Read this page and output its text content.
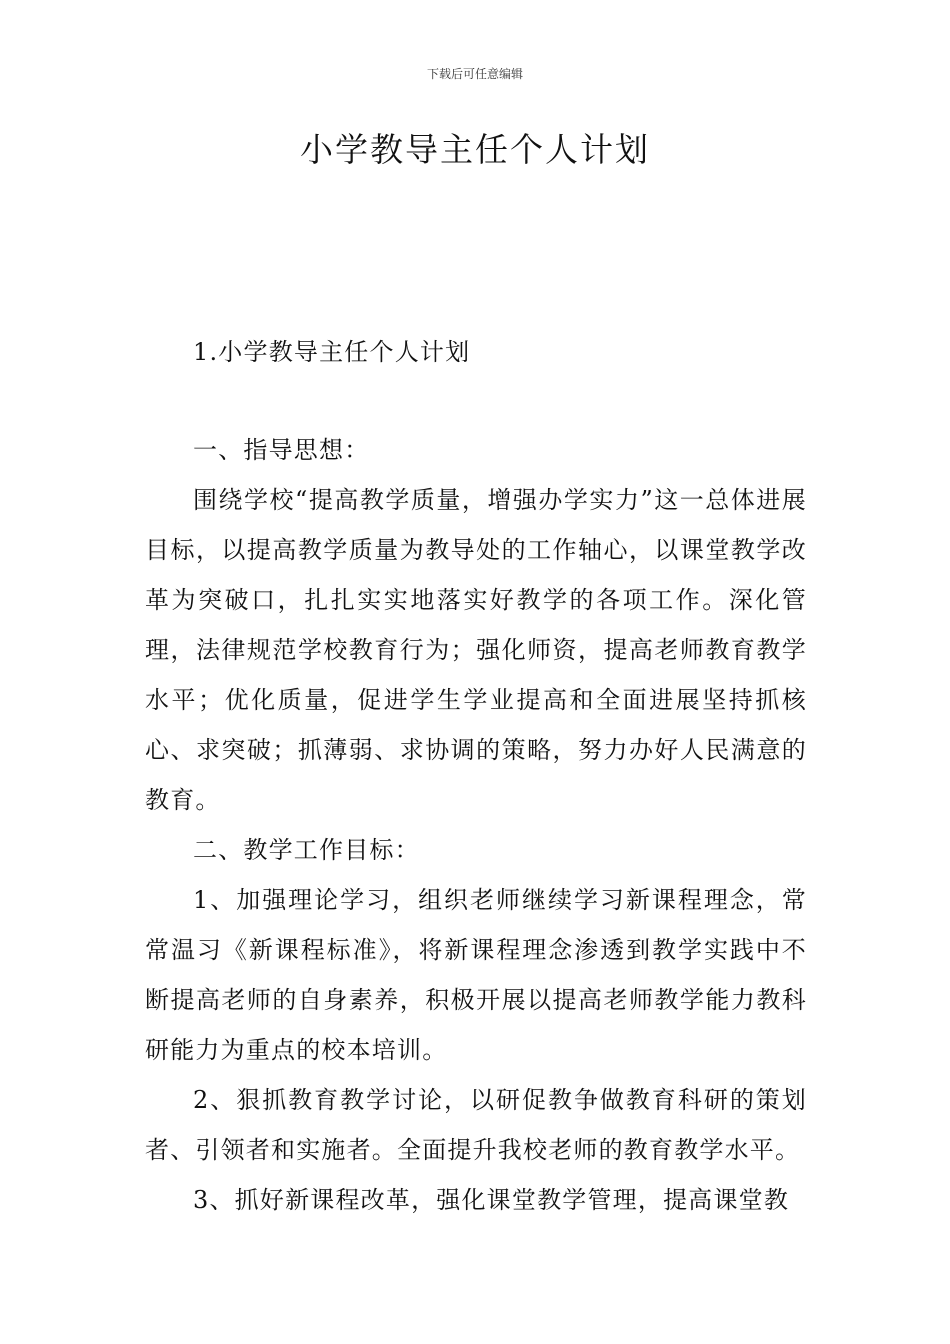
下载后可任意编辑
小学教导主任个人计划

1.小学教导主任个人计划

一、指导思想：

围绕学校“提高教学质量，增强办学实力”这一总体进展目标，以提高教学质量为教导处的工作轴心，以课堂教学改革为突破口，扎扎实实地落实好教学的各项工作。深化管理，法律规范学校教育行为；强化师资，提高老师教育教学水平；优化质量，促进学生学业提高和全面进展坚持抓核心、求突破；抓薄弱、求协调的策略，努力办好人民满意的教育。

二、教学工作目标：

1、加强理论学习，组织老师继续学习新课程理念，常常温习《新课程标准》，将新课程理念渗透到教学实践中不断提高老师的自身素养，积极开展以提高老师教学能力教科研能力为重点的校本培训。

2、狠抓教育教学讨论，以研促教争做教育科研的策划者、引领者和实施者。全面提升我校老师的教育教学水平。

3、抓好新课程改革，强化课堂教学管理，提高课堂教
